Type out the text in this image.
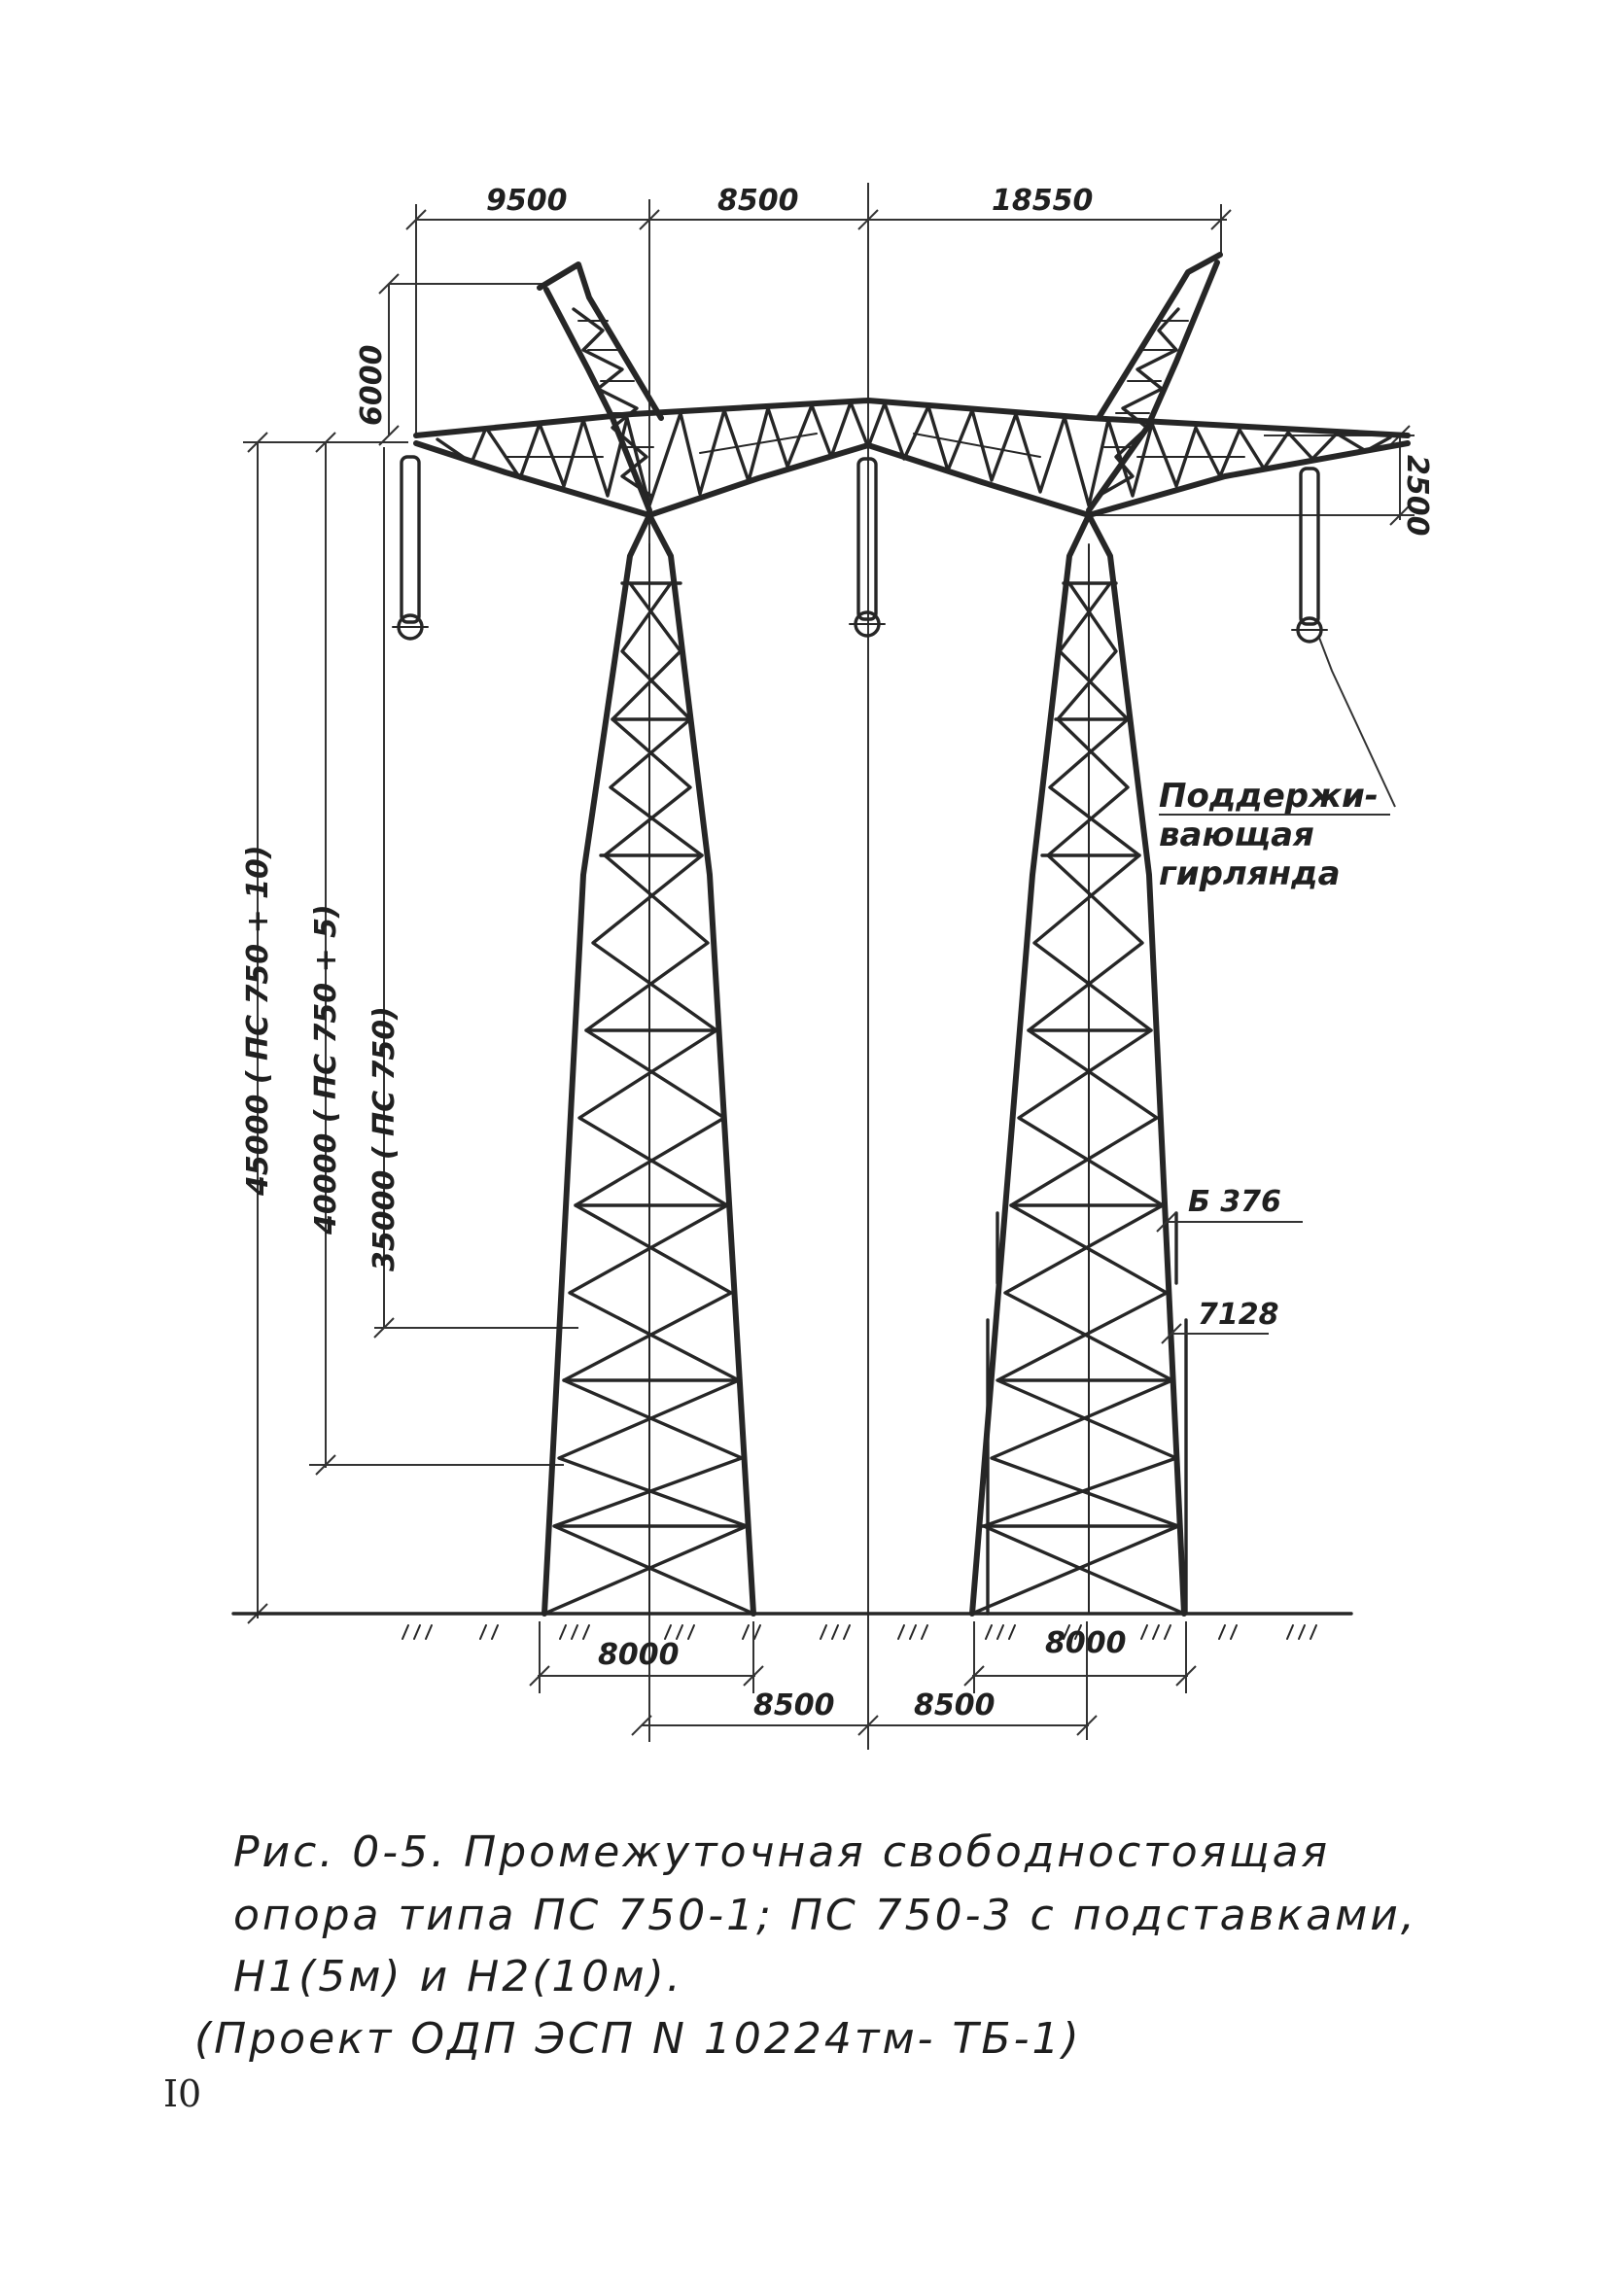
9500	8500	18550
6000
2500
45000 ( ПС 750 + 10) 40000 ( ПС 750 + 5) 35000 ( ПС 750)
8000	8000
8500	8500
Б 376
7128
Поддержи-
вающая
гирлянда
Рис. 0-5. Промежуточная свободностоящая
опора типа ПС 750-1; ПС 750-3 с подставками,
Н1(5м) и Н2(10м).
(Проект ОДП ЭСП N 10224тм- ТБ-1)
I0
